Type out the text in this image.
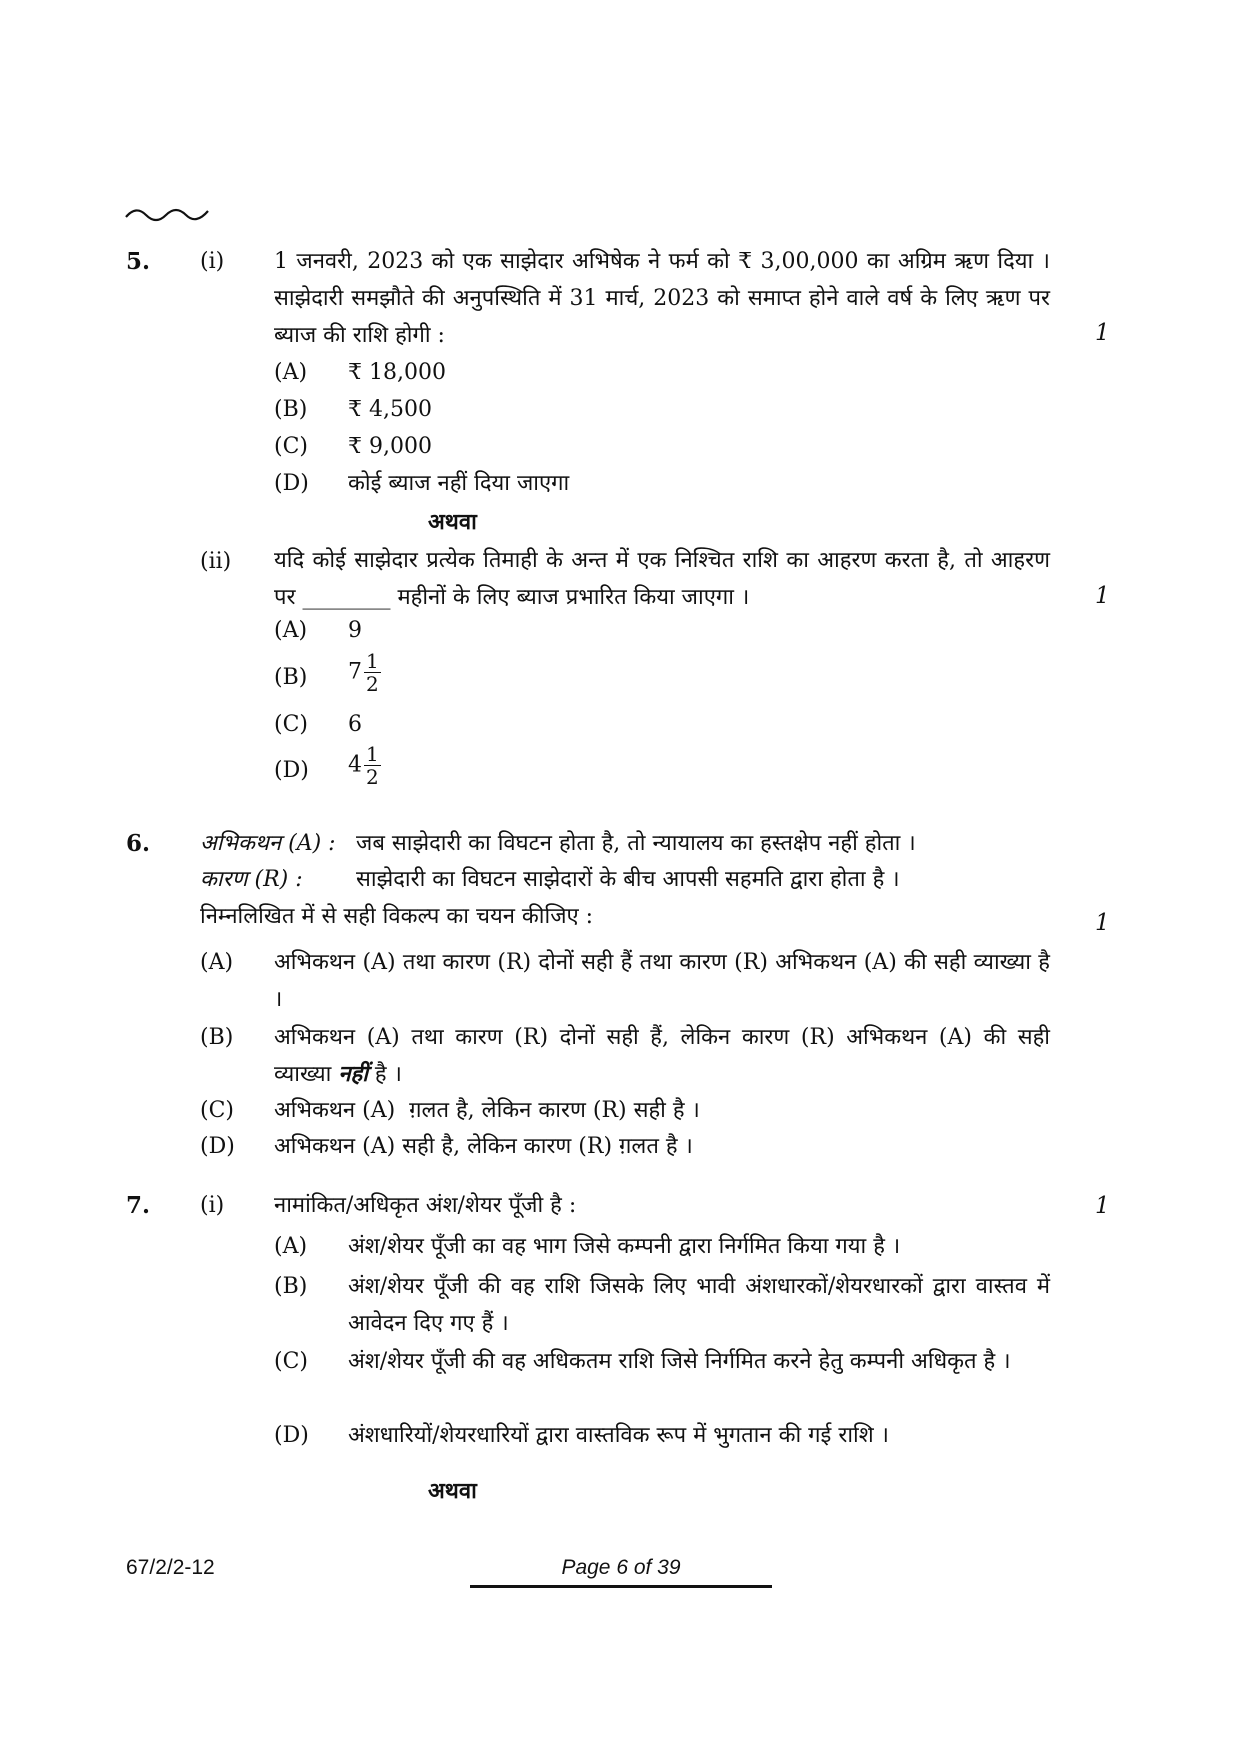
5. (i) 1 जनवरी, 2023 को एक साझेदार अभिषेक ने फर्म को ₹ 3,00,000 का अग्रिम ऋण दिया । साझेदारी समझौते की अनुपस्थिति में 31 मार्च, 2023 को समाप्त होने वाले वर्ष के लिए ऋण पर ब्याज की राशि होगी :	1
(A) ₹ 18,000
(B) ₹ 4,500
(C) ₹ 9,000
(D) कोई ब्याज नहीं दिया जाएगा
अथवा
(ii) यदि कोई साझेदार प्रत्येक तिमाही के अन्त में एक निश्चित राशि का आहरण करता है, तो आहरण पर ________ महीनों के लिए ब्याज प्रभारित किया जाएगा ।	1
(A) 9
(B) $7 \frac{1}{2}$
(C) 6
(D) $4 \frac{1}{2}$
6. अभिकथन (A) : जब साझेदारी का विघटन होता है, तो न्यायालय का हस्तक्षेप नहीं होता ।
कारण (R) : साझेदारी का विघटन साझेदारों के बीच आपसी सहमति द्वारा होता है ।
निम्नलिखित में से सही विकल्प का चयन कीजिए :	1
(A) अभिकथन (A) तथा कारण (R) दोनों सही हैं तथा कारण (R) अभिकथन (A) की सही व्याख्या है ।
(B) अभिकथन (A) तथा कारण (R) दोनों सही हैं, लेकिन कारण (R) अभिकथन (A) की सही व्याख्या नहीं है ।
(C) अभिकथन (A)  ग़लत है, लेकिन कारण (R) सही है ।
(D) अभिकथन (A) सही है, लेकिन कारण (R) ग़लत है ।
7. (i) नामांकित/अधिकृत अंश/शेयर पूँजी है :	1
(A) अंश/शेयर पूँजी का वह भाग जिसे कम्पनी द्वारा निर्गमित किया गया है ।
(B) अंश/शेयर पूँजी की वह राशि जिसके लिए भावी अंशधारकों/शेयरधारकों द्वारा वास्तव में आवेदन दिए गए हैं ।
(C) अंश/शेयर पूँजी की वह अधिकतम राशि जिसे निर्गमित करने हेतु कम्पनी अधिकृत है ।
(D) अंशधारियों/शेयरधारियों द्वारा वास्तविक रूप में भुगतान की गई राशि ।
अथवा
67/2/2-12	Page 6 of 39
